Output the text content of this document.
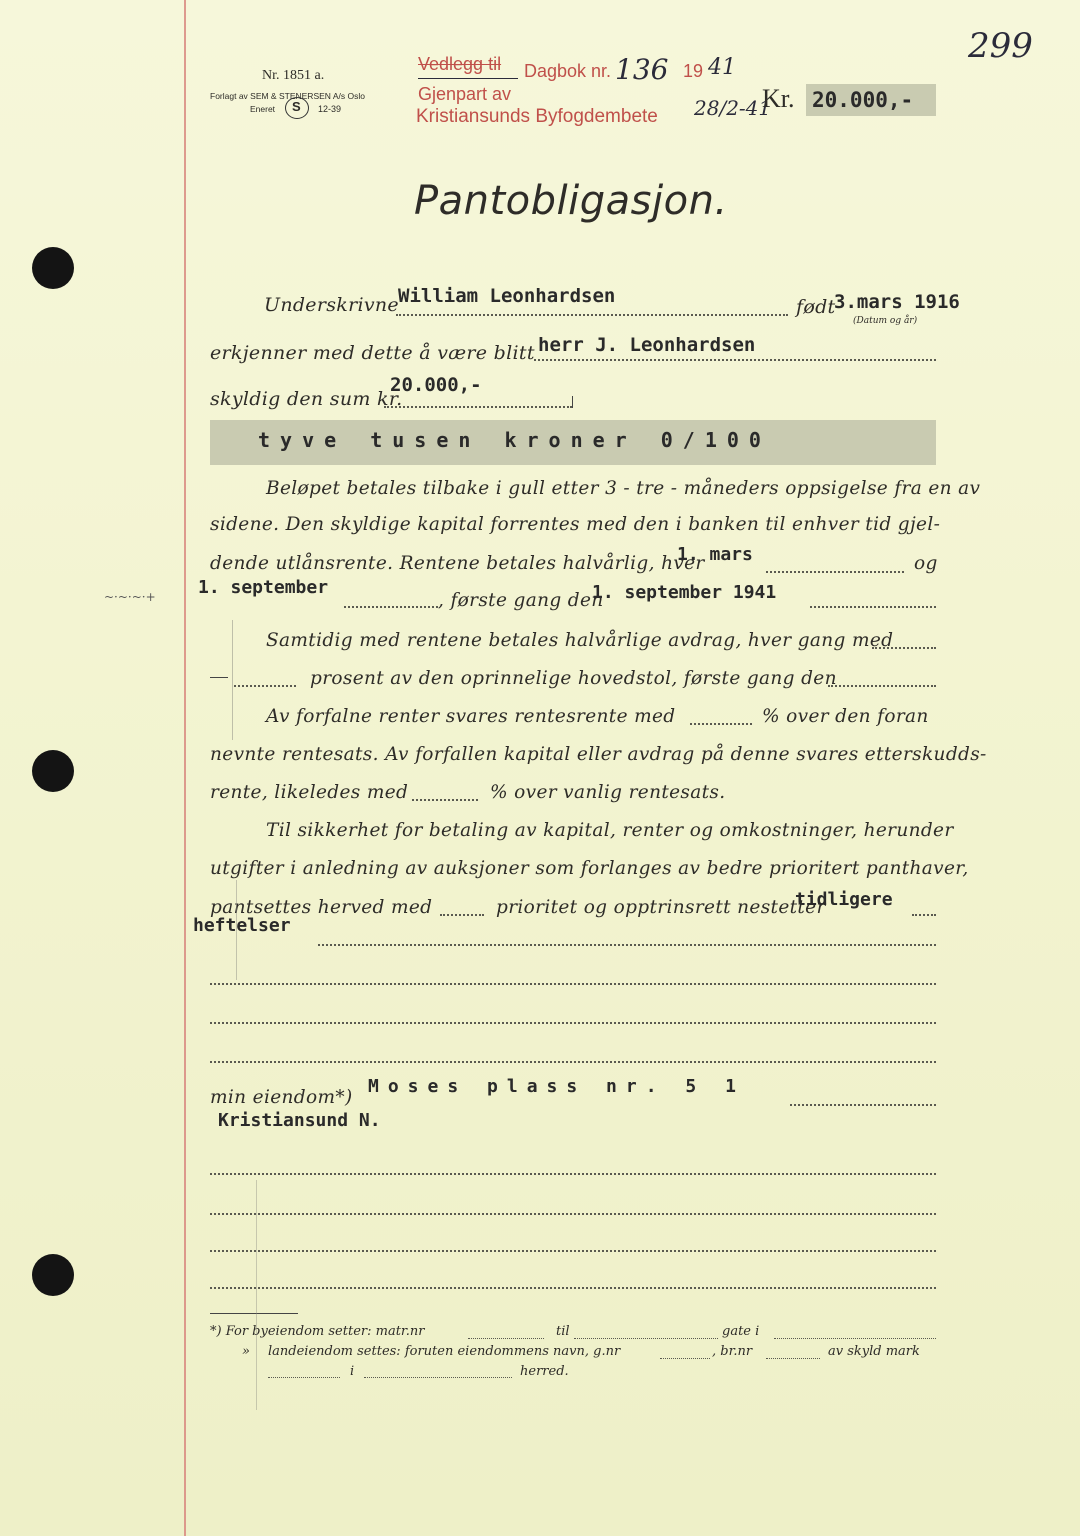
299
Nr. 1851 a.
Forlagt av SEM & STENERSEN A/s Oslo
Eneret S 12-39
Vedlegg til Dagbok nr. 136 19 41
Gjenpart av
Kristiansunds Byfogdembete 28/2-41
Kr. 20.000,-
Pantobligasjon.
Underskrivne William Leonhardsen	født
3.mars 1916
(Datum og år)
erkjenner med dette å være blitt herr J. Leonhardsen
skyldig den sum kr.
20.000,-
tyve tusen kroner 0/100
Beløpet betales tilbake i gull etter 3 - tre - måneders oppsigelse fra en av
sidene. Den skyldige kapital forrentes med den i banken til enhver tid gjel-
dende utlånsrente. Rentene betales halvårlig, hver
1. mars	og
~·~·~·+ 1. september
, første gang den
1. september 1941
Samtidig med rentene betales halvårlige avdrag, hver gang med
prosent av den oprinnelige hovedstol, første gang den
Av forfalne renter svares rentesrente med	% over den foran
nevnte rentesats. Av forfallen kapital eller avdrag på denne svares etterskudds-
rente, likeledes med	% over vanlig rentesats.
Til sikkerhet for betaling av kapital, renter og omkostninger, herunder
utgifter i anledning av auksjoner som forlanges av bedre prioritert panthaver,
pantsettes herved med	prioritet og opptrinsrett nestetter
tidligere
heftelser
min eiendom*)
Moses plass nr. 5 1
Kristiansund N.
*) For byeiendom setter: matr.nr	til	gate i
» landeiendom settes: foruten eiendommens navn, g.nr	, br.nr	av skyld mark
i	herred.
